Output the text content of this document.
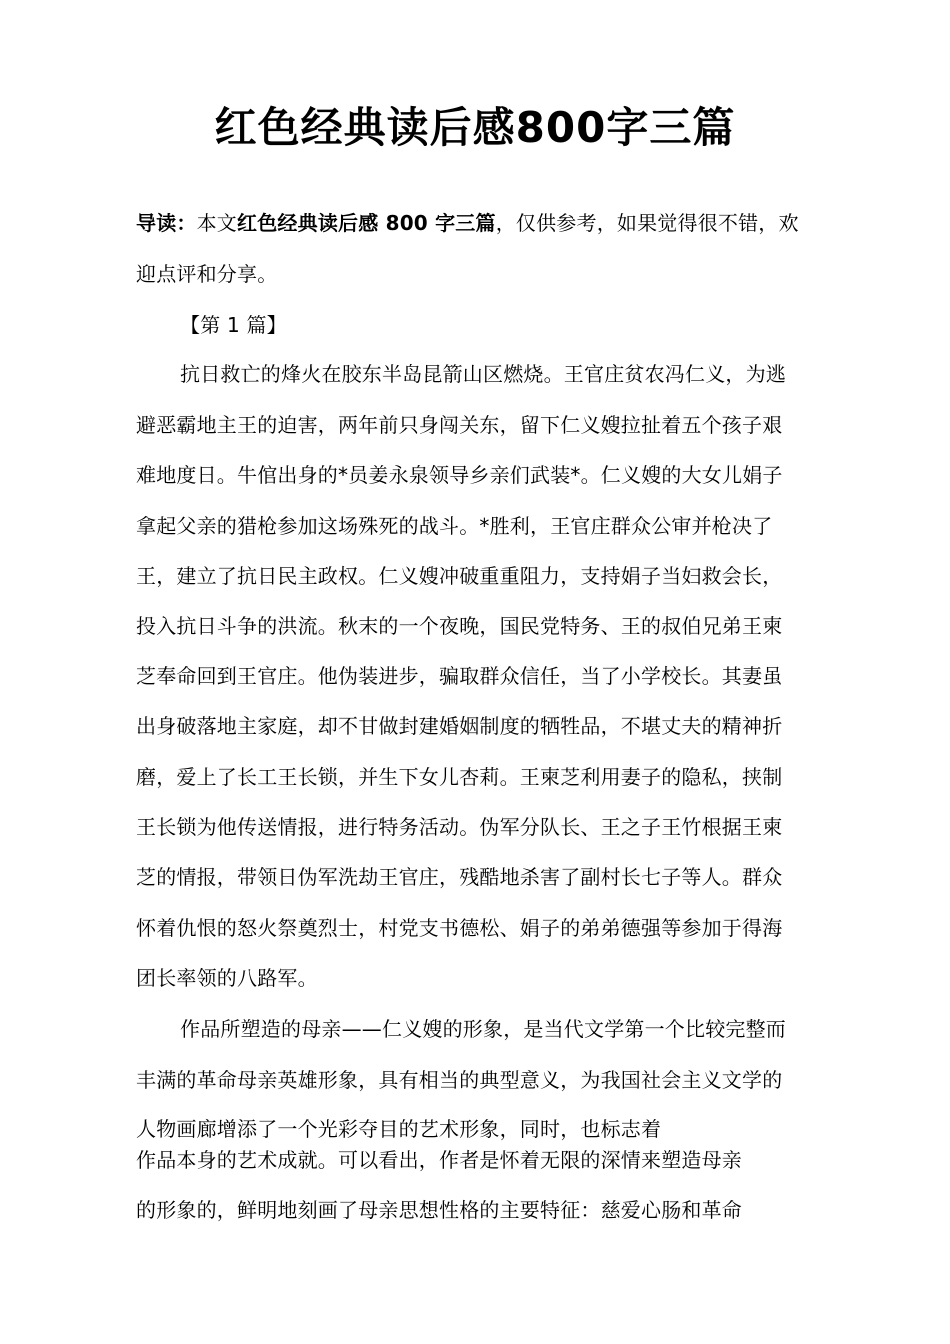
红色经典读后感800字三篇
导读：本文红色经典读后感 800 字三篇，仅供参考，如果觉得很不错，欢
迎点评和分享。
【第 1 篇】
抗日救亡的烽火在胶东半岛昆箭山区燃烧。王官庄贫农冯仁义，为逃
避恶霸地主王的迫害，两年前只身闯关东，留下仁义嫂拉扯着五个孩子艰
难地度日。牛倌出身的*员姜永泉领导乡亲们武装*。仁义嫂的大女儿娟子
拿起父亲的猎枪参加这场殊死的战斗。*胜利，王官庄群众公审并枪决了
王，建立了抗日民主政权。仁义嫂冲破重重阻力，支持娟子当妇救会长，
投入抗日斗争的洪流。秋末的一个夜晚，国民党特务、王的叔伯兄弟王柬
芝奉命回到王官庄。他伪装进步，骗取群众信任，当了小学校长。其妻虽
出身破落地主家庭，却不甘做封建婚姻制度的牺牲品，不堪丈夫的精神折
磨，爱上了长工王长锁，并生下女儿杏莉。王柬芝利用妻子的隐私，挟制
王长锁为他传送情报，进行特务活动。伪军分队长、王之子王竹根据王柬
芝的情报，带领日伪军洗劫王官庄，残酷地杀害了副村长七子等人。群众
怀着仇恨的怒火祭奠烈士，村党支书德松、娟子的弟弟德强等参加于得海
团长率领的八路军。
作品所塑造的母亲——仁义嫂的形象，是当代文学第一个比较完整而
丰满的革命母亲英雄形象，具有相当的典型意义，为我国社会主义文学的
人物画廊增添了一个光彩夺目的艺术形象，同时，也标志着
作品本身的艺术成就。可以看出，作者是怀着无限的深情来塑造母亲
的形象的，鲜明地刻画了母亲思想性格的主要特征：慈爱心肠和革命
